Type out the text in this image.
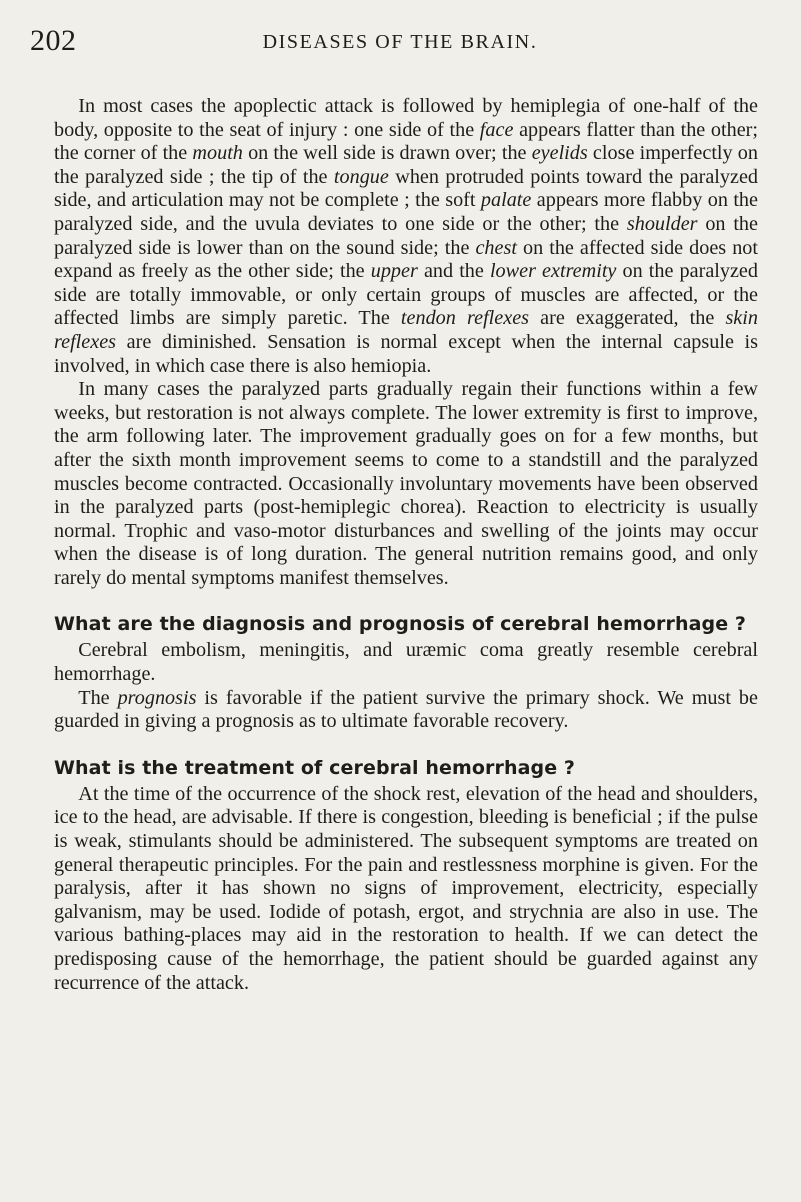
202	DISEASES OF THE BRAIN.

In most cases the apoplectic attack is followed by hemiplegia of one-half of the body, opposite to the seat of injury : one side of the face appears flatter than the other; the corner of the mouth on the well side is drawn over; the eyelids close imperfectly on the paralyzed side ; the tip of the tongue when protruded points toward the paralyzed side, and articulation may not be complete ; the soft palate appears more flabby on the paralyzed side, and the uvula deviates to one side or the other; the shoulder on the paralyzed side is lower than on the sound side; the chest on the affected side does not expand as freely as the other side; the upper and the lower extremity on the paralyzed side are totally immovable, or only certain groups of muscles are affected, or the affected limbs are simply paretic. The tendon reflexes are exaggerated, the skin reflexes are diminished. Sensation is normal except when the internal capsule is involved, in which case there is also hemiopia.

In many cases the paralyzed parts gradually regain their functions within a few weeks, but restoration is not always complete. The lower extremity is first to improve, the arm following later. The improvement gradually goes on for a few months, but after the sixth month improvement seems to come to a standstill and the paralyzed muscles become contracted. Occasionally involuntary movements have been observed in the paralyzed parts (post-hemiplegic chorea). Reaction to electricity is usually normal. Trophic and vaso-motor disturbances and swelling of the joints may occur when the disease is of long duration. The general nutrition remains good, and only rarely do mental symptoms manifest themselves.

What are the diagnosis and prognosis of cerebral hemorrhage ?

Cerebral embolism, meningitis, and uræmic coma greatly resemble cerebral hemorrhage.

The prognosis is favorable if the patient survive the primary shock. We must be guarded in giving a prognosis as to ultimate favorable recovery.

What is the treatment of cerebral hemorrhage ?

At the time of the occurrence of the shock rest, elevation of the head and shoulders, ice to the head, are advisable. If there is congestion, bleeding is beneficial ; if the pulse is weak, stimulants should be administered. The subsequent symptoms are treated on general therapeutic principles. For the pain and restlessness morphine is given. For the paralysis, after it has shown no signs of improvement, electricity, especially galvanism, may be used. Iodide of potash, ergot, and strychnia are also in use. The various bathing-places may aid in the restoration to health. If we can detect the predisposing cause of the hemorrhage, the patient should be guarded against any recurrence of the attack.
